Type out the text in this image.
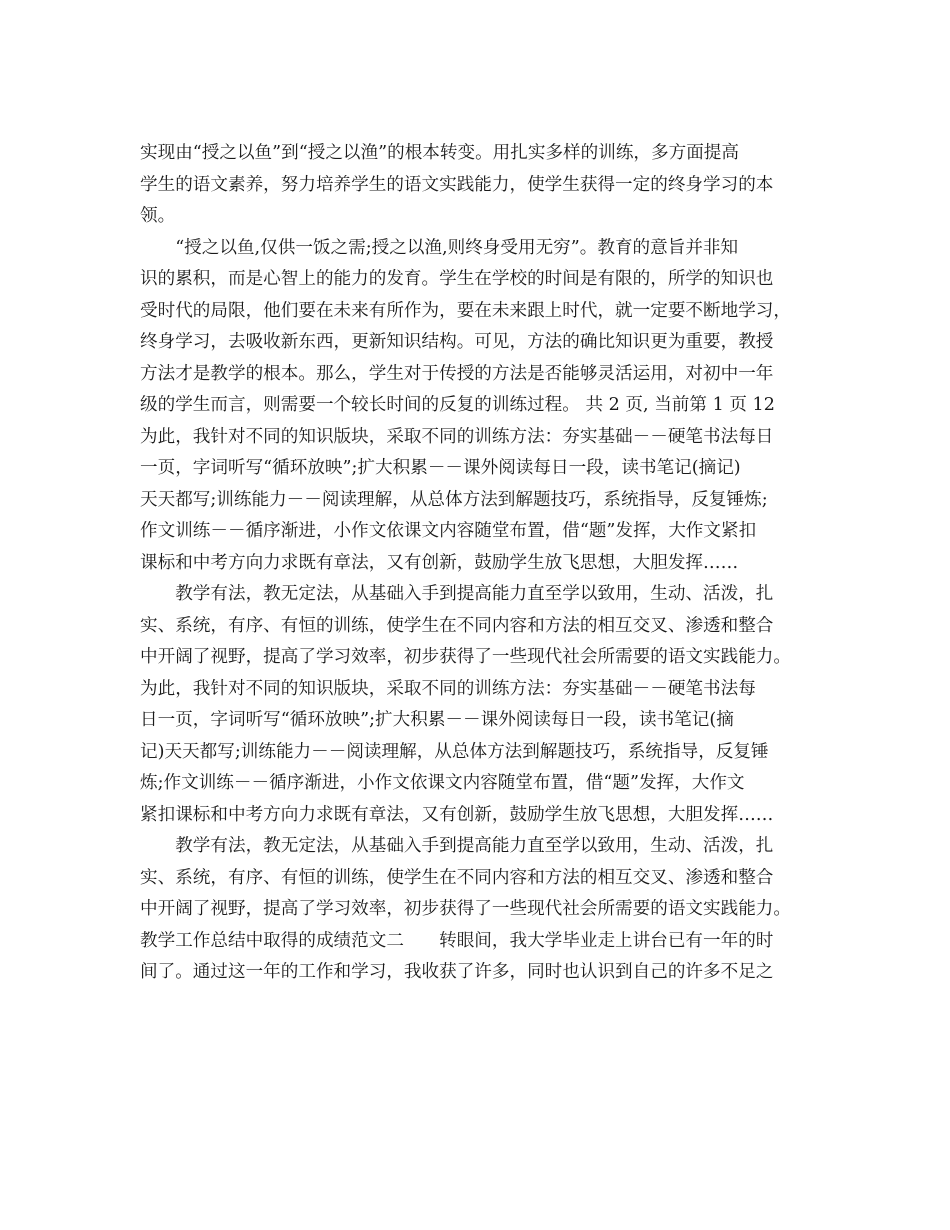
实现由“授之以鱼”到“授之以渔”的根本转变。用扎实多样的训练，多方面提高
学生的语文素养，努力培养学生的语文实践能力，使学生获得一定的终身学习的本
领。
　　“授之以鱼,仅供一饭之需;授之以渔,则终身受用无穷”。教育的意旨并非知
识的累积，而是心智上的能力的发育。学生在学校的时间是有限的，所学的知识也
受时代的局限，他们要在未来有所作为，要在未来跟上时代，就一定要不断地学习，
终身学习，去吸收新东西，更新知识结构。可见，方法的确比知识更为重要，教授
方法才是教学的根本。那么，学生对于传授的方法是否能够灵活运用，对初中一年
级的学生而言，则需要一个较长时间的反复的训练过程。 共 2 页, 当前第 1 页 12
为此，我针对不同的知识版块，采取不同的训练方法：夯实基础－－硬笔书法每日
一页，字词听写“循环放映”;扩大积累－－课外阅读每日一段，读书笔记(摘记)
天天都写;训练能力－－阅读理解，从总体方法到解题技巧，系统指导，反复锤炼;
作文训练－－循序渐进，小作文依课文内容随堂布置，借“题”发挥，大作文紧扣
课标和中考方向力求既有章法，又有创新，鼓励学生放飞思想，大胆发挥……
　　教学有法，教无定法，从基础入手到提高能力直至学以致用，生动、活泼，扎
实、系统，有序、有恒的训练，使学生在不同内容和方法的相互交叉、渗透和整合
中开阔了视野，提高了学习效率，初步获得了一些现代社会所需要的语文实践能力。
为此，我针对不同的知识版块，采取不同的训练方法：夯实基础－－硬笔书法每
日一页，字词听写“循环放映”;扩大积累－－课外阅读每日一段，读书笔记(摘
记)天天都写;训练能力－－阅读理解，从总体方法到解题技巧，系统指导，反复锤
炼;作文训练－－循序渐进，小作文依课文内容随堂布置，借“题”发挥，大作文
紧扣课标和中考方向力求既有章法，又有创新，鼓励学生放飞思想，大胆发挥……
　　教学有法，教无定法，从基础入手到提高能力直至学以致用，生动、活泼，扎
实、系统，有序、有恒的训练，使学生在不同内容和方法的相互交叉、渗透和整合
中开阔了视野，提高了学习效率，初步获得了一些现代社会所需要的语文实践能力。
教学工作总结中取得的成绩范文二　　转眼间，我大学毕业走上讲台已有一年的时
间了。通过这一年的工作和学习，我收获了许多，同时也认识到自己的许多不足之
